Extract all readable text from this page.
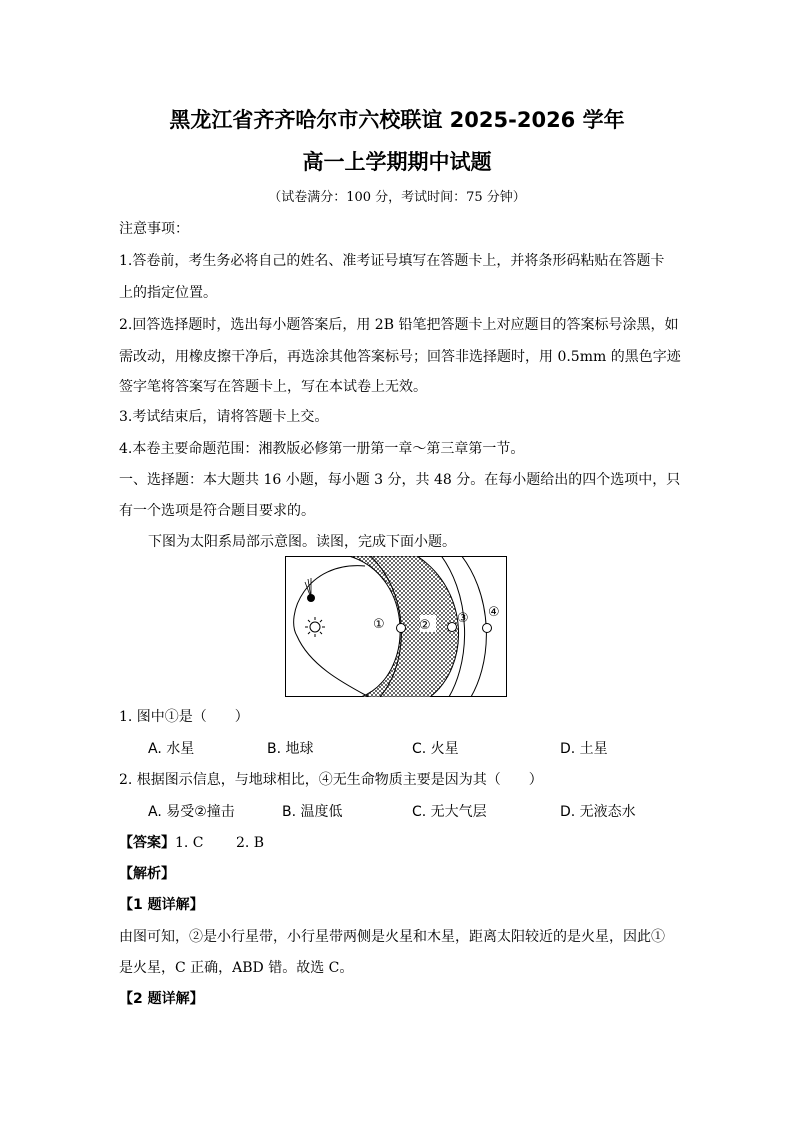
黑龙江省齐齐哈尔市六校联谊 2025-2026 学年
高一上学期期中试题
（试卷满分：100 分，考试时间：75 分钟）
注意事项：
1.答卷前，考生务必将自己的姓名、准考证号填写在答题卡上，并将条形码粘贴在答题卡
上的指定位置。
2.回答选择题时，选出每小题答案后，用 2B 铅笔把答题卡上对应题目的答案标号涂黑，如
需改动，用橡皮擦干净后，再选涂其他答案标号；回答非选择题时，用 0.5mm 的黑色字迹
签字笔将答案写在答题卡上，写在本试卷上无效。
3.考试结束后，请将答题卡上交。
4.本卷主要命题范围：湘教版必修第一册第一章～第三章第一节。
一、选择题：本大题共 16 小题，每小题 3 分，共 48 分。在每小题给出的四个选项中，只
有一个选项是符合题目要求的。
下图为太阳系局部示意图。读图，完成下面小题。
①	② ③ ④
1. 图中①是（　　）
A. 水星	B. 地球	C. 火星	D. 土星
2. 根据图示信息，与地球相比，④无生命物质主要是因为其（　　）
A. 易受②撞击	B. 温度低	C. 无大气层	D. 无液态水
【答案】1. C　　 2. B
【解析】
【1 题详解】
由图可知，②是小行星带，小行星带两侧是火星和木星，距离太阳较近的是火星，因此①
是火星，C 正确，ABD 错。故选 C。
【2 题详解】
